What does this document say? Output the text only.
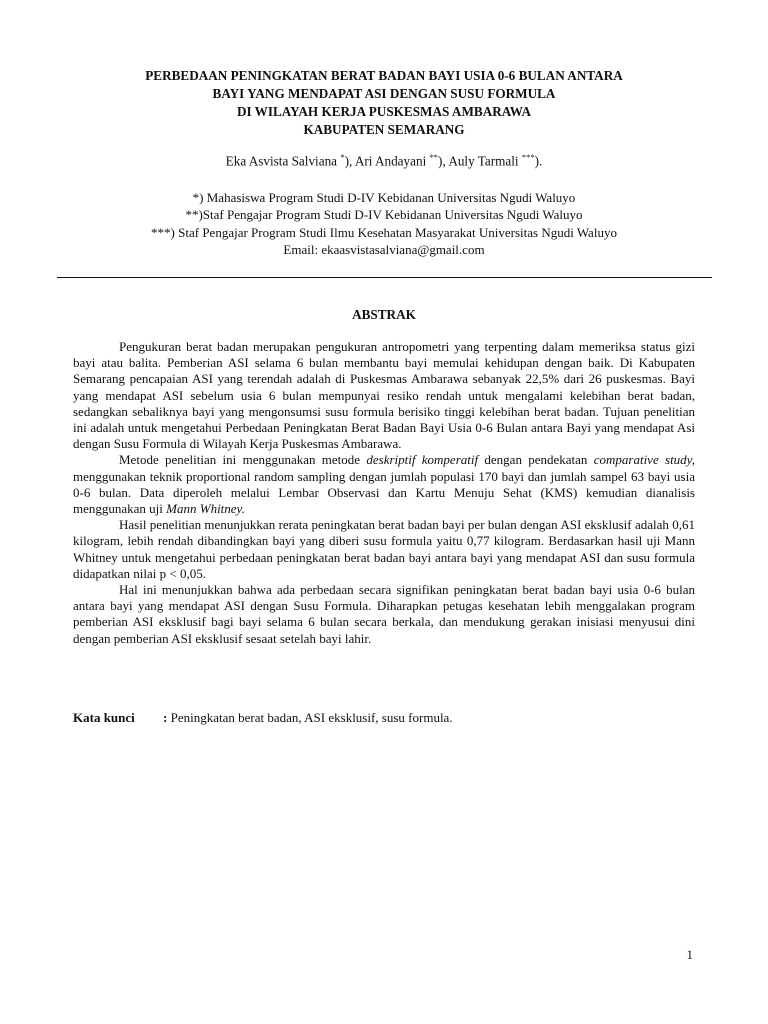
PERBEDAAN PENINGKATAN BERAT BADAN BAYI USIA 0-6 BULAN ANTARA
BAYI YANG MENDAPAT ASI DENGAN SUSU FORMULA
DI WILAYAH KERJA PUSKESMAS AMBARAWA
KABUPATEN SEMARANG
Eka Asvista Salviana *), Ari Andayani **), Auly Tarmali ***).
*) Mahasiswa Program Studi D-IV Kebidanan Universitas Ngudi Waluyo
**)Staf Pengajar Program Studi D-IV Kebidanan Universitas Ngudi Waluyo
***) Staf Pengajar Program Studi Ilmu Kesehatan Masyarakat Universitas Ngudi Waluyo
Email: ekaasvistasalviana@gmail.com
ABSTRAK

Pengukuran berat badan merupakan pengukuran antropometri yang terpenting dalam memeriksa status gizi bayi atau balita. Pemberian ASI selama 6 bulan membantu bayi memulai kehidupan dengan baik. Di Kabupaten Semarang pencapaian ASI yang terendah adalah di Puskesmas Ambarawa sebanyak 22,5% dari 26 puskesmas. Bayi yang mendapat ASI sebelum usia 6 bulan mempunyai resiko rendah untuk mengalami kelebihan berat badan, sedangkan sebaliknya bayi yang mengonsumsi susu formula berisiko tinggi kelebihan berat badan. Tujuan penelitian ini adalah untuk mengetahui Perbedaan Peningkatan Berat Badan Bayi Usia 0-6 Bulan antara Bayi yang mendapat Asi dengan Susu Formula di Wilayah Kerja Puskesmas Ambarawa.

Metode penelitian ini menggunakan metode deskriptif komperatif dengan pendekatan comparative study, menggunakan teknik proportional random sampling dengan jumlah populasi 170 bayi dan jumlah sampel 63 bayi usia 0-6 bulan. Data diperoleh melalui Lembar Observasi dan Kartu Menuju Sehat (KMS) kemudian dianalisis menggunakan uji Mann Whitney.

Hasil penelitian menunjukkan rerata peningkatan berat badan bayi per bulan dengan ASI eksklusif adalah 0,61 kilogram, lebih rendah dibandingkan bayi yang diberi susu formula yaitu 0,77 kilogram. Berdasarkan hasil uji Mann Whitney untuk mengetahui perbedaan peningkatan berat badan bayi antara bayi yang mendapat ASI dan susu formula didapatkan nilai p < 0,05.

Hal ini menunjukkan bahwa ada perbedaan secara signifikan peningkatan berat badan bayi usia 0-6 bulan antara bayi yang mendapat ASI dengan Susu Formula. Diharapkan petugas kesehatan lebih menggalakan program pemberian ASI eksklusif bagi bayi selama 6 bulan secara berkala, dan mendukung gerakan inisiasi menyusui dini dengan pemberian ASI eksklusif sesaat setelah bayi lahir.

Kata kunci : Peningkatan berat badan, ASI eksklusif, susu formula.
1
